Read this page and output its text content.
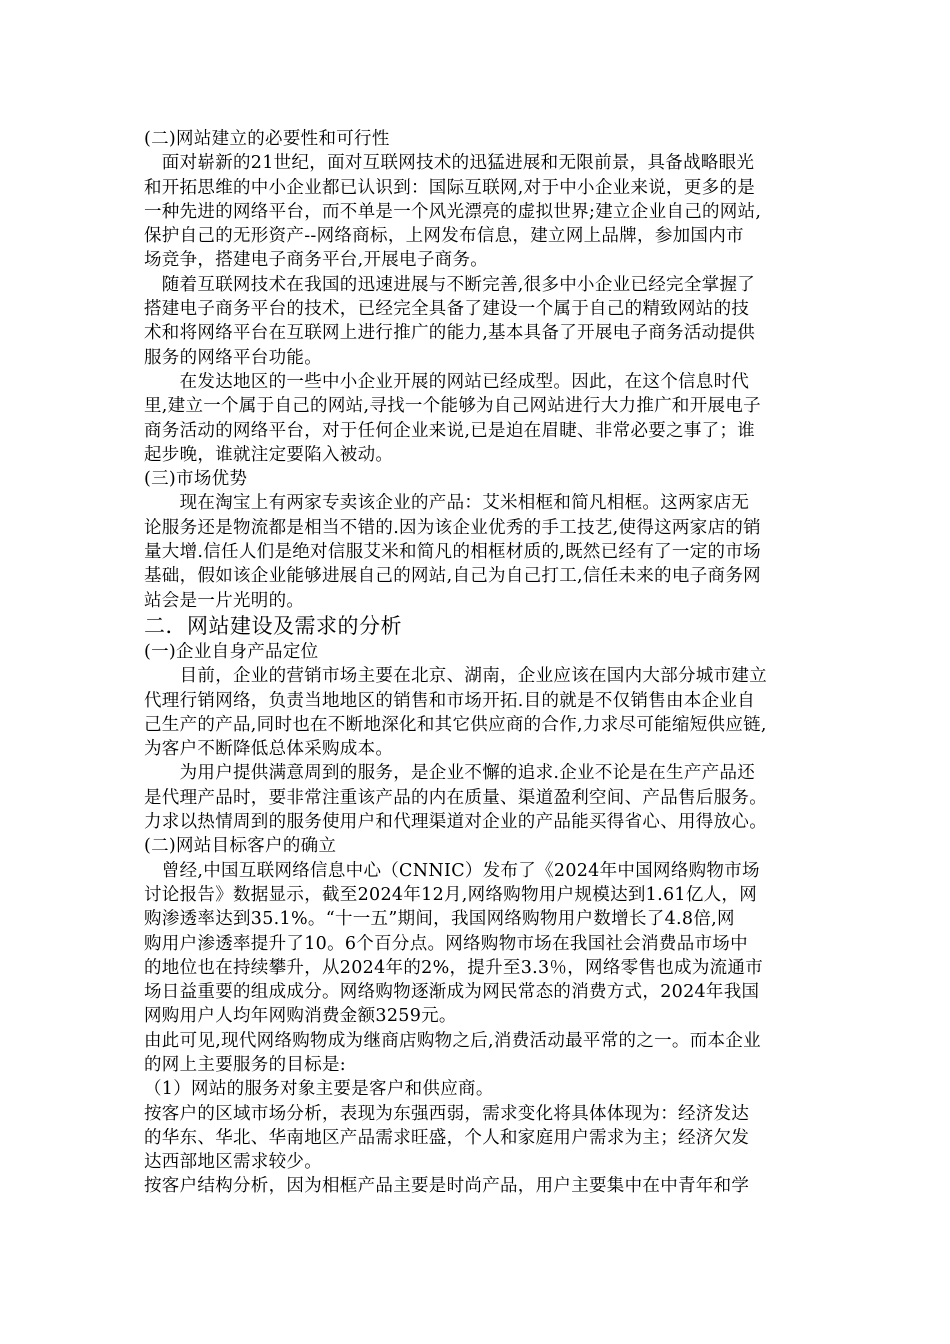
(二)网站建立的必要性和可行性
　面对崭新的21世纪，面对互联网技术的迅猛进展和无限前景，具备战略眼光
和开拓思维的中小企业都已认识到：国际互联网,对于中小企业来说，更多的是
一种先进的网络平台，而不单是一个风光漂亮的虚拟世界;建立企业自己的网站,
保护自己的无形资产--网络商标，上网发布信息，建立网上品牌，参加国内市
场竞争，搭建电子商务平台,开展电子商务。
　随着互联网技术在我国的迅速进展与不断完善,很多中小企业已经完全掌握了
搭建电子商务平台的技术，已经完全具备了建设一个属于自己的精致网站的技
术和将网络平台在互联网上进行推广的能力,基本具备了开展电子商务活动提供
服务的网络平台功能。
　　在发达地区的一些中小企业开展的网站已经成型。因此，在这个信息时代
里,建立一个属于自己的网站,寻找一个能够为自己网站进行大力推广和开展电子
商务活动的网络平台，对于任何企业来说,已是迫在眉睫、非常必要之事了；谁
起步晚，谁就注定要陷入被动。
(三)市场优势
　　现在淘宝上有两家专卖该企业的产品：艾米相框和简凡相框。这两家店无
论服务还是物流都是相当不错的.因为该企业优秀的手工技艺,使得这两家店的销
量大增.信任人们是绝对信服艾米和简凡的相框材质的,既然已经有了一定的市场
基础，假如该企业能够进展自己的网站,自己为自己打工,信任未来的电子商务网
站会是一片光明的。
二．网站建设及需求的分析
(一)企业自身产品定位
　　目前，企业的营销市场主要在北京、湖南，企业应该在国内大部分城市建立
代理行销网络，负责当地地区的销售和市场开拓.目的就是不仅销售由本企业自
己生产的产品,同时也在不断地深化和其它供应商的合作,力求尽可能缩短供应链,
为客户不断降低总体采购成本。
　　为用户提供满意周到的服务，是企业不懈的追求.企业不论是在生产产品还
是代理产品时，要非常注重该产品的内在质量、渠道盈利空间、产品售后服务。
力求以热情周到的服务使用户和代理渠道对企业的产品能买得省心、用得放心。
(二)网站目标客户的确立
　曾经,中国互联网络信息中心（CNNIC）发布了《2024年中国网络购物市场
讨论报告》数据显示，截至2024年12月,网络购物用户规模达到1.61亿人，网
购渗透率达到35.1%。“十一五”期间，我国网络购物用户数增长了4.8倍,网
购用户渗透率提升了10。6个百分点。网络购物市场在我国社会消费品市场中
的地位也在持续攀升，从2024年的2%，提升至3.3％，网络零售也成为流通市
场日益重要的组成成分。网络购物逐渐成为网民常态的消费方式，2024年我国
网购用户人均年网购消费金额3259元。
由此可见,现代网络购物成为继商店购物之后,消费活动最平常的之一。而本企业
的网上主要服务的目标是:
（1）网站的服务对象主要是客户和供应商。
按客户的区域市场分析，表现为东强西弱，需求变化将具体体现为：经济发达
的华东、华北、华南地区产品需求旺盛，个人和家庭用户需求为主；经济欠发
达西部地区需求较少。
按客户结构分析，因为相框产品主要是时尚产品，用户主要集中在中青年和学
